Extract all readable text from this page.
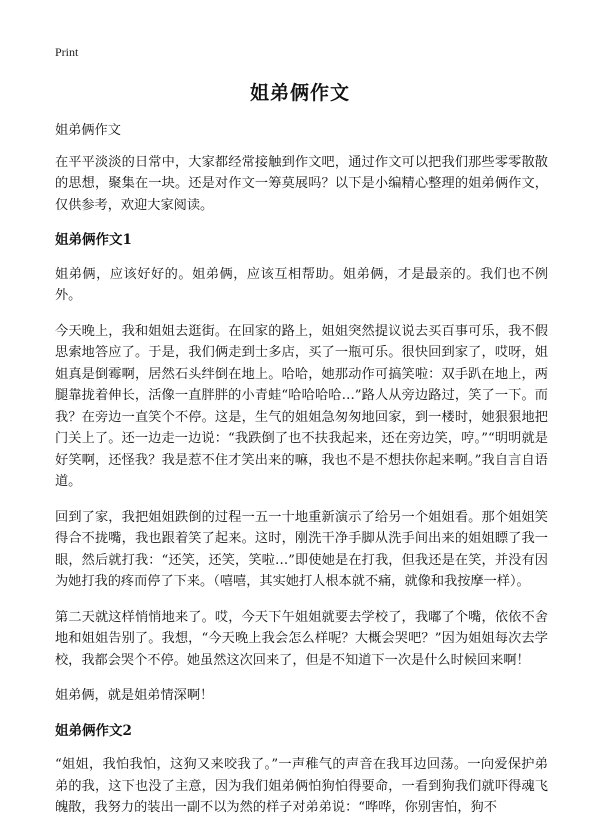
Print
姐弟俩作文

姐弟俩作文

在平平淡淡的日常中，大家都经常接触到作文吧，通过作文可以把我们那些零零散散的思想，聚集在一块。还是对作文一筹莫展吗？以下是小编精心整理的姐弟俩作文，仅供参考，欢迎大家阅读。

姐弟俩作文1

姐弟俩，应该好好的。姐弟俩，应该互相帮助。姐弟俩，才是最亲的。我们也不例外。

今天晚上，我和姐姐去逛街。在回家的路上，姐姐突然提议说去买百事可乐，我不假思索地答应了。于是，我们俩走到士多店，买了一瓶可乐。很快回到家了，哎呀，姐姐真是倒霉啊，居然石头绊倒在地上。哈哈，她那动作可搞笑啦：双手趴在地上，两腿靠拢着伸长，活像一直胖胖的小青蛙“哈哈哈哈…”路人从旁边路过，笑了一下。而我？在旁边一直笑个不停。这是，生气的姐姐急匆匆地回家，到一楼时，她狠狠地把门关上了。还一边走一边说：“我跌倒了也不扶我起来，还在旁边笑，哼。”“明明就是好笑啊，还怪我？我是惹不住才笑出来的嘛，我也不是不想扶你起来啊。”我自言自语道。

回到了家，我把姐姐跌倒的过程一五一十地重新演示了给另一个姐姐看。那个姐姐笑得合不拢嘴，我也跟着笑了起来。这时，刚洗干净手脚从洗手间出来的姐姐瞟了我一眼，然后就打我：“还笑，还笑，笑啦…”即使她是在打我，但我还是在笑，并没有因为她打我的疼而停了下来。（嘻嘻，其实她打人根本就不痛，就像和我按摩一样）。

第二天就这样悄悄地来了。哎，今天下午姐姐就要去学校了，我嘟了个嘴，依依不舍地和姐姐告别了。我想，“今天晚上我会怎么样呢？大概会哭吧？”因为姐姐每次去学校，我都会哭个不停。她虽然这次回来了，但是不知道下一次是什么时候回来啊！

姐弟俩，就是姐弟情深啊！

姐弟俩作文2

“姐姐，我怕我怕，这狗又来咬我了。”一声稚气的声音在我耳边回荡。一向爱保护弟弟的我，这下也没了主意，因为我们姐弟俩怕狗怕得要命，一看到狗我们就吓得魂飞魄散，我努力的装出一副不以为然的样子对弟弟说：“哗哗，你别害怕，狗不
